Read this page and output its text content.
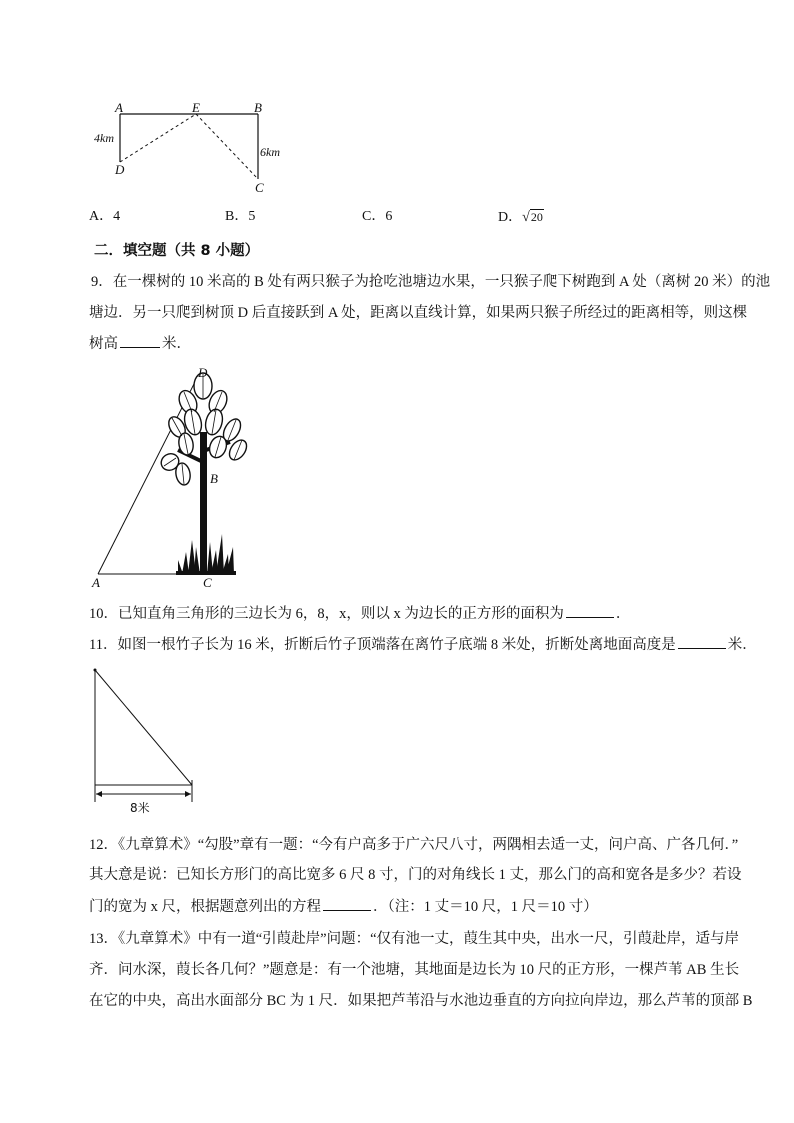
A	E	B
D
C
4km
6km
A．4	B．5	C．6	D．√20
二．填空题（共 8 小题）
9．在一棵树的 10 米高的 B 处有两只猴子为抢吃池塘边水果，一只猴子爬下树跑到 A 处（离树 20 米）的池
塘边．另一只爬到树顶 D 后直接跃到 A 处，距离以直线计算，如果两只猴子所经过的距离相等，则这棵
树高	米．
D
B
A	C
10．已知直角三角形的三边长为 6，8，x，则以 x 为边长的正方形的面积为	．
11．如图一根竹子长为 16 米，折断后竹子顶端落在离竹子底端 8 米处，折断处离地面高度是	米．
8米
12．《九章算术》“勾股”章有一题：“今有户高多于广六尺八寸，两隅相去适一丈，问户高、广各几何．”
其大意是说：已知长方形门的高比宽多 6 尺 8 寸，门的对角线长 1 丈，那么门的高和宽各是多少？若设
门的宽为 x 尺，根据题意列出的方程	．（注：1 丈＝10 尺，1 尺＝10 寸）
13．《九章算术》中有一道“引葭赴岸”问题：“仅有池一丈，葭生其中央，出水一尺，引葭赴岸，适与岸
齐．问水深，葭长各几何？”题意是：有一个池塘，其地面是边长为 10 尺的正方形，一棵芦苇 AB 生长
在它的中央，高出水面部分 BC 为 1 尺．如果把芦苇沿与水池边垂直的方向拉向岸边，那么芦苇的顶部 B
